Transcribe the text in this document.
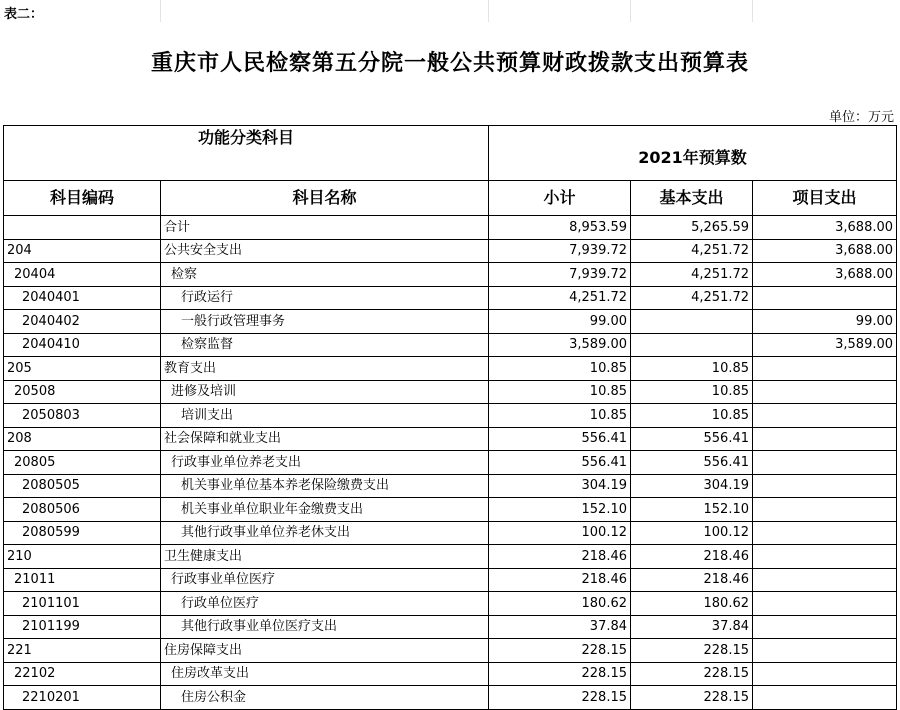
表二：
重庆市人民检察第五分院一般公共预算财政拨款支出预算表
单位：万元
功能分类科目		2021年预算数		
科目编码	科目名称	小计	基本支出	项目支出
	合计	8,953.59	5,265.59	3,688.00
204	公共安全支出	7,939.72	4,251.72	3,688.00
20404	检察	7,939.72	4,251.72	3,688.00
2040401	行政运行	4,251.72	4,251.72	
2040402	一般行政管理事务	99.00		99.00
2040410	检察监督	3,589.00		3,589.00
205	教育支出	10.85	10.85	
20508	进修及培训	10.85	10.85	
2050803	培训支出	10.85	10.85	
208	社会保障和就业支出	556.41	556.41	
20805	行政事业单位养老支出	556.41	556.41	
2080505	机关事业单位基本养老保险缴费支出	304.19	304.19	
2080506	机关事业单位职业年金缴费支出	152.10	152.10	
2080599	其他行政事业单位养老休支出	100.12	100.12	
210	卫生健康支出	218.46	218.46	
21011	行政事业单位医疗	218.46	218.46	
2101101	行政单位医疗	180.62	180.62	
2101199	其他行政事业单位医疗支出	37.84	37.84	
221	住房保障支出	228.15	228.15	
22102	住房改革支出	228.15	228.15	
2210201	住房公积金	228.15	228.15	
